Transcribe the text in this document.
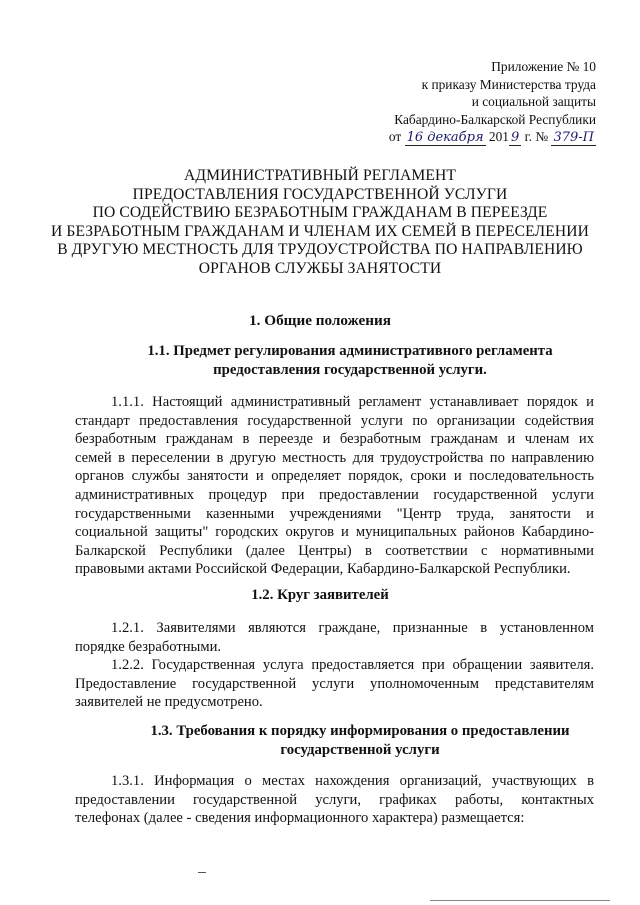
Приложение № 10
к приказу Министерства труда
и социальной защиты
Кабардино-Балкарской Республики
от 16 декабря 201 9 г. № 379-П
АДМИНИСТРАТИВНЫЙ РЕГЛАМЕНТ
ПРЕДОСТАВЛЕНИЯ ГОСУДАРСТВЕННОЙ УСЛУГИ
ПО СОДЕЙСТВИЮ БЕЗРАБОТНЫМ ГРАЖДАНАМ В ПЕРЕЕЗДЕ
И БЕЗРАБОТНЫМ ГРАЖДАНАМ И ЧЛЕНАМ ИХ СЕМЕЙ В ПЕРЕСЕЛЕНИИ
В ДРУГУЮ МЕСТНОСТЬ ДЛЯ ТРУДОУСТРОЙСТВА ПО НАПРАВЛЕНИЮ
ОРГАНОВ СЛУЖБЫ ЗАНЯТОСТИ
1. Общие положения
1.1. Предмет регулирования административного регламента
предоставления государственной услуги.
1.1.1. Настоящий административный регламент устанавливает порядок и
стандарт предоставления государственной услуги по организации содействия
безработным гражданам в переезде и безработным гражданам и членам их
семей в переселении в другую местность для трудоустройства по направлению
органов службы занятости и определяет порядок, сроки и последовательность
административных процедур при предоставлении государственной услуги
государственными казенными учреждениями "Центр труда, занятости и
социальной защиты" городских округов и муниципальных районов Кабардино-
Балкарской Республики (далее Центры) в соответствии с нормативными
правовыми актами Российской Федерации, Кабардино-Балкарской Республики.
1.2. Круг заявителей
1.2.1. Заявителями являются граждане, признанные в установленном
порядке безработными.
1.2.2. Государственная услуга предоставляется при обращении заявителя.
Предоставление государственной услуги уполномоченным представителям
заявителей не предусмотрено.
1.3. Требования к порядку информирования о предоставлении
государственной услуги
1.3.1. Информация о местах нахождения организаций, участвующих в
предоставлении государственной услуги, графиках работы, контактных
телефонах (далее - сведения информационного характера) размещается:
